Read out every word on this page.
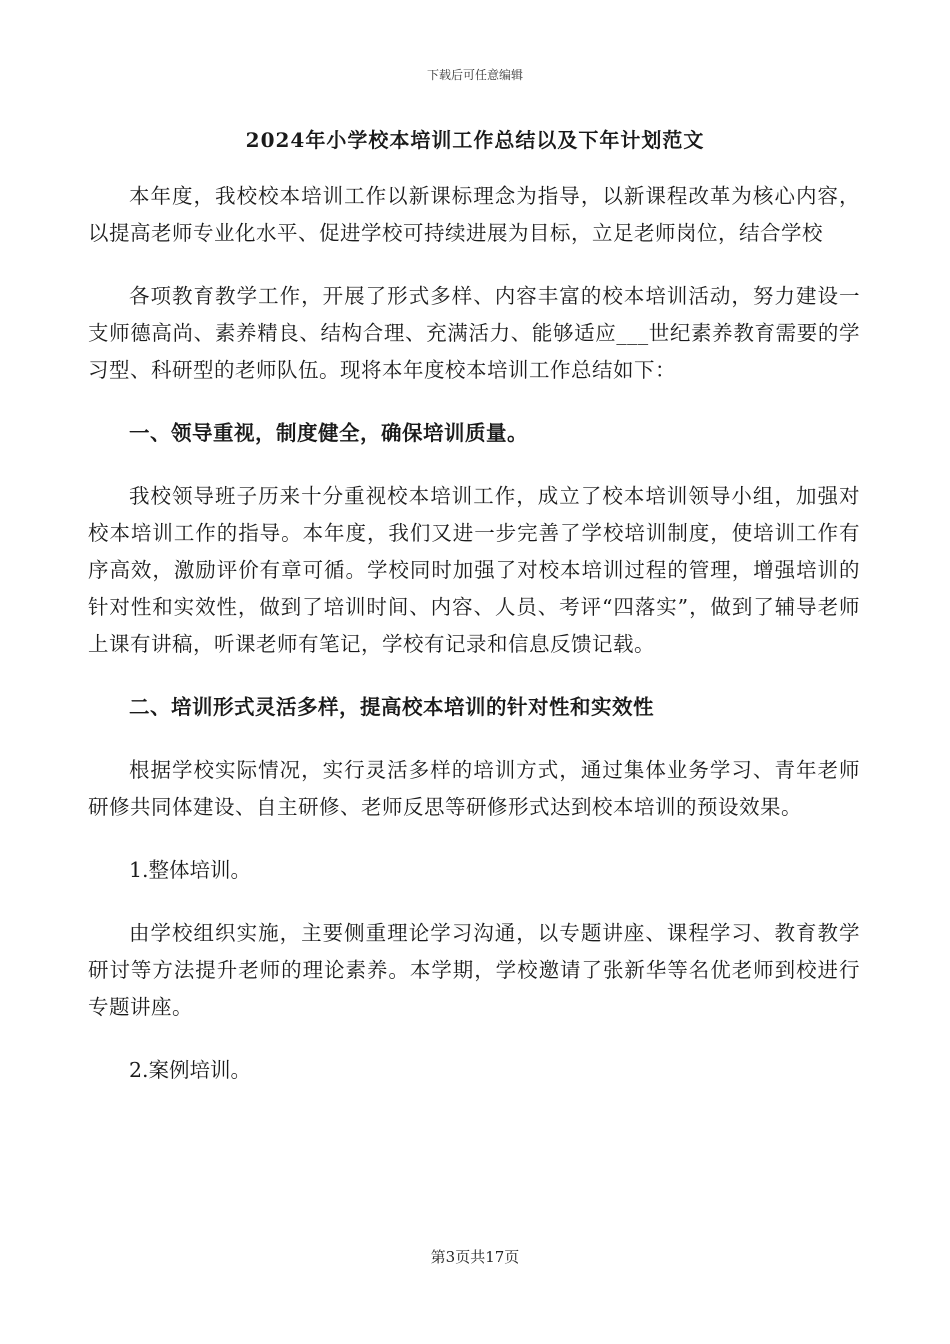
下载后可任意编辑
2024年小学校本培训工作总结以及下年计划范文

本年度，我校校本培训工作以新课标理念为指导，以新课程改革为核心内容，以提高老师专业化水平、促进学校可持续进展为目标，立足老师岗位，结合学校

各项教育教学工作，开展了形式多样、内容丰富的校本培训活动，努力建设一支师德高尚、素养精良、结构合理、充满活力、能够适应___世纪素养教育需要的学习型、科研型的老师队伍。现将本年度校本培训工作总结如下：

一、领导重视，制度健全，确保培训质量。

我校领导班子历来十分重视校本培训工作，成立了校本培训领导小组，加强对校本培训工作的指导。本年度，我们又进一步完善了学校培训制度，使培训工作有序高效，激励评价有章可循。学校同时加强了对校本培训过程的管理，增强培训的针对性和实效性，做到了培训时间、内容、人员、考评“四落实”，做到了辅导老师上课有讲稿，听课老师有笔记，学校有记录和信息反馈记载。

二、培训形式灵活多样，提高校本培训的针对性和实效性

根据学校实际情况，实行灵活多样的培训方式，通过集体业务学习、青年老师研修共同体建设、自主研修、老师反思等研修形式达到校本培训的预设效果。

1.整体培训。

由学校组织实施，主要侧重理论学习沟通，以专题讲座、课程学习、教育教学研讨等方法提升老师的理论素养。本学期，学校邀请了张新华等名优老师到校进行专题讲座。

2.案例培训。

第3页共17页
